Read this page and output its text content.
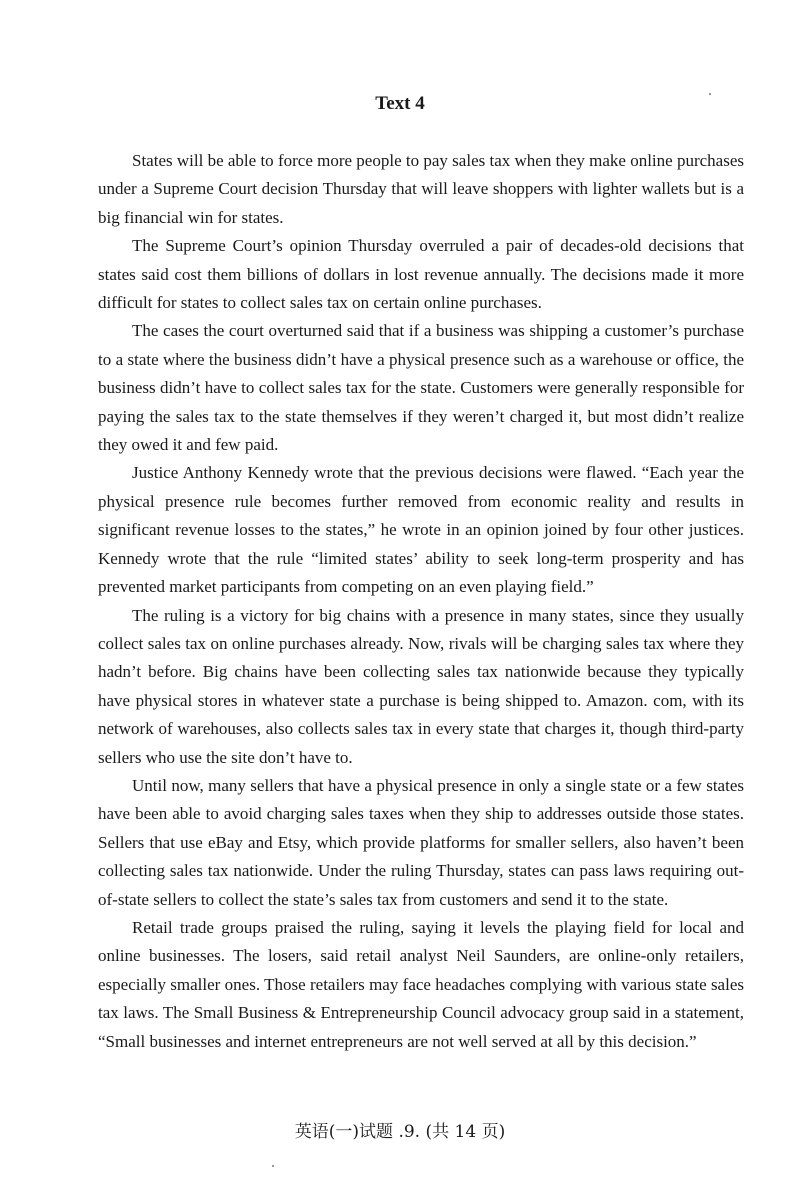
Text 4

States will be able to force more people to pay sales tax when they make online purchases under a Supreme Court decision Thursday that will leave shoppers with lighter wallets but is a big financial win for states.

The Supreme Court’s opinion Thursday overruled a pair of decades-old decisions that states said cost them billions of dollars in lost revenue annually. The decisions made it more difficult for states to collect sales tax on certain online purchases.

The cases the court overturned said that if a business was shipping a customer’s purchase to a state where the business didn’t have a physical presence such as a warehouse or office, the business didn’t have to collect sales tax for the state. Customers were generally responsible for paying the sales tax to the state themselves if they weren’t charged it, but most didn’t realize they owed it and few paid.

Justice Anthony Kennedy wrote that the previous decisions were flawed. “Each year the physical presence rule becomes further removed from economic reality and results in significant revenue losses to the states,” he wrote in an opinion joined by four other justices. Kennedy wrote that the rule “limited states’ ability to seek long-term prosperity and has prevented market participants from competing on an even playing field.”

The ruling is a victory for big chains with a presence in many states, since they usually collect sales tax on online purchases already. Now, rivals will be charging sales tax where they hadn’t before. Big chains have been collecting sales tax nationwide because they typically have physical stores in whatever state a purchase is being shipped to. Amazon. com, with its network of warehouses, also collects sales tax in every state that charges it, though third-party sellers who use the site don’t have to.

Until now, many sellers that have a physical presence in only a single state or a few states have been able to avoid charging sales taxes when they ship to addresses outside those states. Sellers that use eBay and Etsy, which provide platforms for smaller sellers, also haven’t been collecting sales tax nationwide. Under the ruling Thursday, states can pass laws requiring out-of-state sellers to collect the state’s sales tax from customers and send it to the state.

Retail trade groups praised the ruling, saying it levels the playing field for local and online businesses. The losers, said retail analyst Neil Saunders, are online-only retailers, especially smaller ones. Those retailers may face headaches complying with various state sales tax laws. The Small Business & Entrepreneurship Council advocacy group said in a statement, “Small businesses and internet entrepreneurs are not well served at all by this decision.”

英语(一)试题 .9. (共 14 页)
